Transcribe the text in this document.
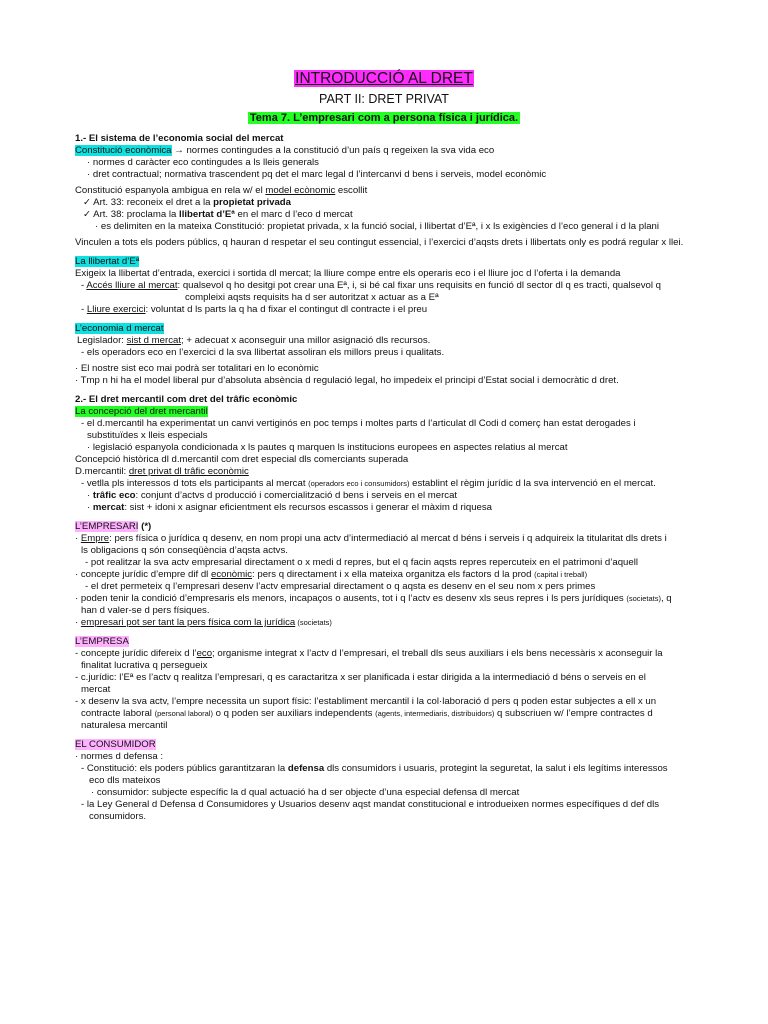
INTRODUCCIÓ AL DRET
PART II: DRET PRIVAT
Tema 7. L’empresari com a persona física i jurídica.

1.- El sistema de l’economia social del mercat

Constitució econòmica → normes contingudes a la constitució d’un país q regeixen la sva vida eco

· normes d caràcter eco contingudes a ls lleis generals

· dret contractual; normativa trascendent pq det el marc legal d l’intercanvi d bens i serveis, model econòmic

Constitució espanyola ambigua en rela w/ el model ecònomic escollit

✓ Art. 33: reconeix el dret a la propietat privada

✓ Art. 38: proclama la llibertat d’Eª en el marc d l’eco d mercat

· es delimiten en la mateixa Constitució: propietat privada, x la funció social, i llibertat d’Eª, i x ls exigències d l’eco general i d la plani

Vinculen a tots els poders públics, q hauran d respetar el seu contingut essencial, i l’exercici d’aqsts drets i llibertats only es podrá regular x llei.

La llibertat d’Eª

Exigeix la llibertat d’entrada, exercici i sortida dl mercat; la lliure compe entre els operaris eco i el lliure joc d l’oferta i la demanda

- Accés lliure al mercat: qualsevol q ho desitgi pot crear una Eª, i, si bé cal fixar uns requisits en funció dl sector dl q es tracti, qualsevol q

compleixi aqsts requisits ha d ser autoritzat x actuar as a Eª

- Lliure exercici: voluntat d ls parts la q ha d fixar el contingut dl contracte i el preu

L’economia d mercat

Legislador: sist d mercat; + adecuat x aconseguir una millor asignació dls recursos.

- els operadors eco en l’exercici d la sva llibertat assoliran els millors preus i qualitats.

· El nostre sist eco mai podrà ser totalitari en lo econòmic

· Tmp n hi ha el model liberal pur d’absoluta absència d regulació legal, ho impedeix el principi d’Estat social i democràtic d dret.

2.- El dret mercantil com dret del trâfic econòmic

La concepció del dret mercantil

- el d.mercantil ha experimentat un canvi vertiginós en poc temps i moltes parts d l’articulat dl Codi d comerç han estat derogades i

substituïdes x lleis especials

· legislació espanyola condicionada x ls pautes q marquen ls institucions europees en aspectes relatius al mercat

Concepció històrica dl d.mercantil com dret especial dls comerciants superada

D.mercantil: dret privat dl trâfic econòmic

- vetlla pls interessos d tots els participants al mercat (operadors eco i consumidors) establint el règim jurídic d la sva intervenció en el mercat.

· trâfic eco: conjunt d’actvs d producció i comercialització d bens i serveis en el mercat

· mercat: sist + idoni x asignar eficientment els recursos escassos i generar el màxim d riquesa

L’EMPRESARI (*)

· Empre: pers física o jurídica q desenv, en nom propi una actv d’intermediació al mercat d béns i serveis i q adquireix la titularitat dls drets i

ls obligacions q són conseqüència d’aqsta actvs.

- pot realitzar la sva actv empresarial directament o x medi d repres, but el q facin aqsts repres repercuteix en el patrimoni d’aquell

· concepte jurídic d’empre dif dl econòmic: pers q directament i x ella mateixa organitza els factors d la prod (capital i treball)

- el dret permeteix q l’empresari desenv l’actv empresarial directament o q aqsta es desenv en el seu nom x pers primes

· poden tenir la condició d’empresaris els menors, incapaços o ausents, tot i q l’actv es desenv xls seus repres i ls pers jurídiques (societats), q

han d valer-se d pers físiques.

· empresari pot ser tant la pers física com la jurídica (societats)

L’EMPRESA

- concepte jurídic difereix d l’eco; organisme integrat x l’actv d l’empresari, el treball dls seus auxiliars i els bens necessàris x aconseguir la

finalitat lucrativa q persegueix

- c.jurídic: l’Eª es l’actv q realitza l’empresari, q es caractaritza x ser planificada i estar dirigida a la intermediació d béns o serveis en el

mercat

- x desenv la sva actv, l’empre necessita un suport físic: l’establiment mercantil i la col·laboració d pers q poden estar subjectes a ell x un

contracte laboral (personal laboral) o q poden ser auxiliars independents (agents, intermediaris, distribuidors) q subscriuen w/ l’empre contractes d

naturalesa mercantil

EL CONSUMIDOR

· normes d defensa :

- Constitució: els poders públics garantitzaran la defensa dls consumidors i usuaris, protegint la seguretat, la salut i els legítims interessos

eco dls mateixos

· consumidor: subjecte específic la d qual actuació ha d ser objecte d’una especial defensa dl mercat

- la Ley General d Defensa d Consumidores y Usuarios desenv aqst mandat constitucional e introdueixen normes específiques d def dls

consumidors.
